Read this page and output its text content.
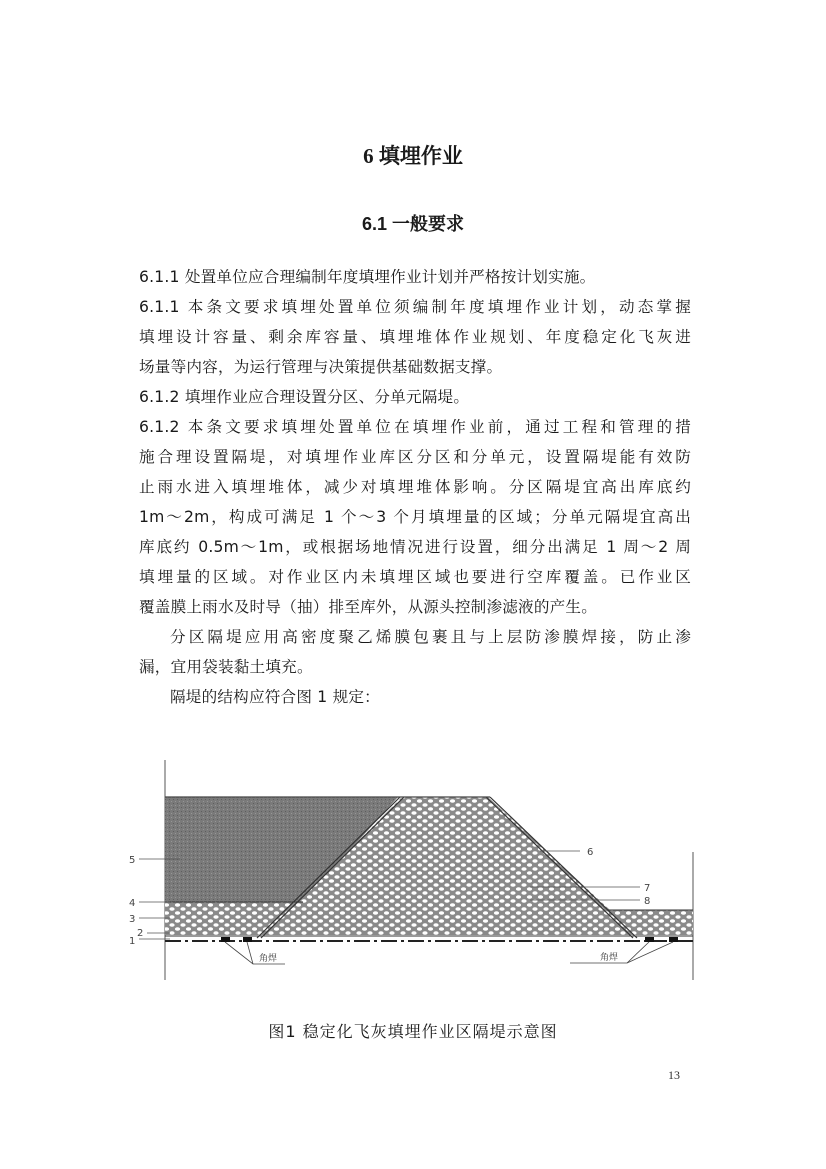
6 填埋作业
6.1 一般要求
6.1.1 处置单位应合理编制年度填埋作业计划并严格按计划实施。
6.1.1 本条文要求填埋处置单位须编制年度填埋作业计划，动态掌握
填埋设计容量、剩余库容量、填埋堆体作业规划、年度稳定化飞灰进
场量等内容，为运行管理与决策提供基础数据支撑。
6.1.2 填埋作业应合理设置分区、分单元隔堤。
6.1.2 本条文要求填埋处置单位在填埋作业前，通过工程和管理的措
施合理设置隔堤，对填埋作业库区分区和分单元，设置隔堤能有效防
止雨水进入填埋堆体，减少对填埋堆体影响。分区隔堤宜高出库底约
1m～2m，构成可满足 1 个～3 个月填埋量的区域；分单元隔堤宜高出
库底约 0.5m～1m，或根据场地情况进行设置，细分出满足 1 周～2 周
填埋量的区域。对作业区内未填埋区域也要进行空库覆盖。已作业区
覆盖膜上雨水及时导（抽）排至库外，从源头控制渗滤液的产生。
分区隔堤应用高密度聚乙烯膜包裹且与上层防渗膜焊接，防止渗
漏，宜用袋装黏土填充。
隔堤的结构应符合图 1 规定：
角焊	角焊
5
4
3
2
1
6
7
8
图1 稳定化飞灰填埋作业区隔堤示意图
13
